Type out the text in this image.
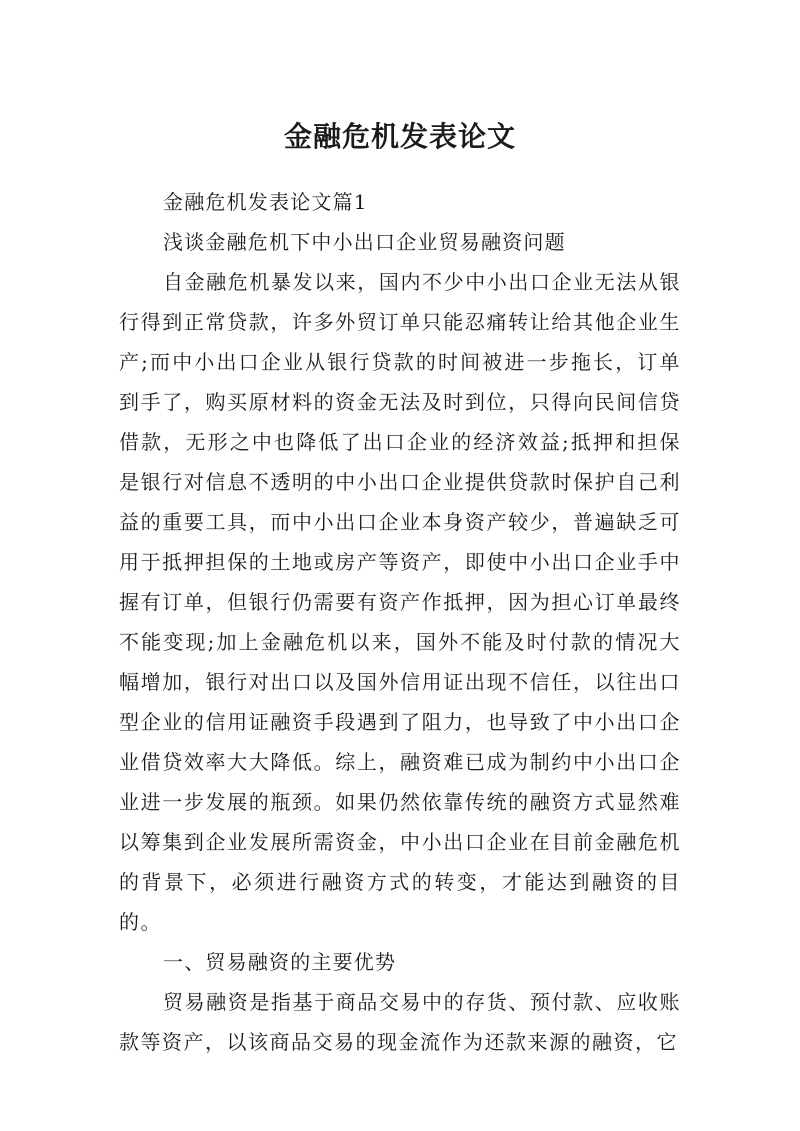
金融危机发表论文

金融危机发表论文篇1

浅谈金融危机下中小出口企业贸易融资问题

自金融危机暴发以来，国内不少中小出口企业无法从银行得到正常贷款，许多外贸订单只能忍痛转让给其他企业生产;而中小出口企业从银行贷款的时间被进一步拖长，订单到手了，购买原材料的资金无法及时到位，只得向民间信贷借款，无形之中也降低了出口企业的经济效益;抵押和担保是银行对信息不透明的中小出口企业提供贷款时保护自己利益的重要工具，而中小出口企业本身资产较少，普遍缺乏可用于抵押担保的土地或房产等资产，即使中小出口企业手中握有订单，但银行仍需要有资产作抵押，因为担心订单最终不能变现;加上金融危机以来，国外不能及时付款的情况大幅增加，银行对出口以及国外信用证出现不信任，以往出口型企业的信用证融资手段遇到了阻力，也导致了中小出口企业借贷效率大大降低。综上，融资难已成为制约中小出口企业进一步发展的瓶颈。如果仍然依靠传统的融资方式显然难以筹集到企业发展所需资金，中小出口企业在目前金融危机的背景下，必须进行融资方式的转变，才能达到融资的目的。

一、贸易融资的主要优势

贸易融资是指基于商品交易中的存货、预付款、应收账款等资产，以该商品交易的现金流作为还款来源的融资，它
